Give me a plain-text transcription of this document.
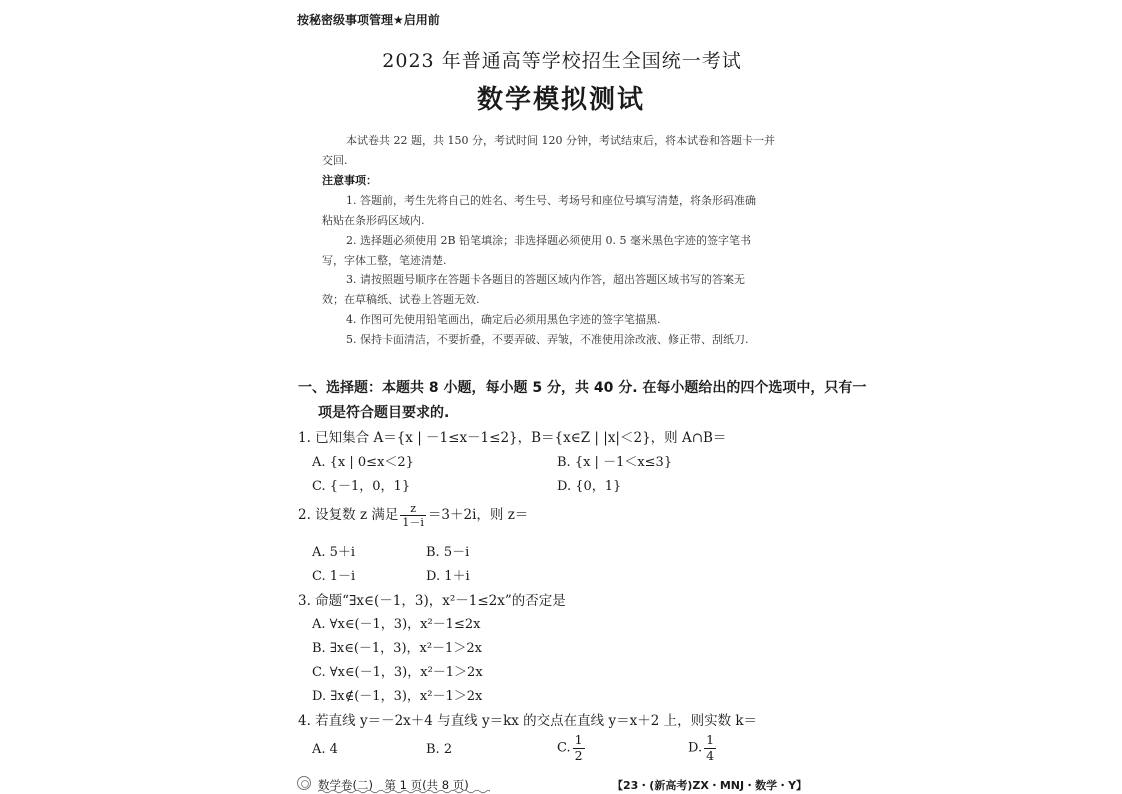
按秘密级事项管理★启用前
2023 年普通高等学校招生全国统一考试
数学模拟测试
本试卷共 22 题，共 150 分，考试时间 120 分钟，考试结束后，将本试卷和答题卡一并
交回.
注意事项：
1. 答题前，考生先将自己的姓名、考生号、考场号和座位号填写清楚，将条形码准确
粘贴在条形码区域内.
2. 选择题必须使用 2B 铅笔填涂；非选择题必须使用 0. 5 毫米黑色字迹的签字笔书
写，字体工整，笔迹清楚.
3. 请按照题号顺序在答题卡各题目的答题区域内作答，超出答题区域书写的答案无
效；在草稿纸、试卷上答题无效.
4. 作图可先使用铅笔画出，确定后必须用黑色字迹的签字笔描黑.
5. 保持卡面清洁，不要折叠，不要弄破、弄皱，不准使用涂改液、修正带、刮纸刀.
一、选择题：本题共 8 小题，每小题 5 分，共 40 分. 在每小题给出的四个选项中，只有一
项是符合题目要求的.
1. 已知集合 A＝{x | －1≤x－1≤2}，B＝{x∈Z | |x|＜2}，则 A∩B＝
A. {x | 0≤x＜2}	B. {x | －1＜x≤3}
C. {－1，0，1}	D. {0，1}
2. 设复数 z 满足 $\frac{z}{1-i} =3+2i$，则 z＝
A. 5＋i	B. 5－i
C. 1－i	D. 1＋i
3. 命题“∃x∈(－1，3)，x²－1≤2x”的否定是
A. ∀x∈(－1，3)，x²－1≤2x
B. ∃x∈(－1，3)，x²－1＞2x
C. ∀x∈(－1，3)，x²－1＞2x
D. ∃x∉(－1，3)，x²－1＞2x
4. 若直线 y＝－2x＋4 与直线 y＝kx 的交点在直线 y＝x＋2 上，则实数 k＝
A. 4	B. 2	C. $\frac{1}{2}$	D. $\frac{1}{4}$
数学卷(二)　第 1 页(共 8 页)	【23・(新高考)ZX・MNJ・数学・Y】
